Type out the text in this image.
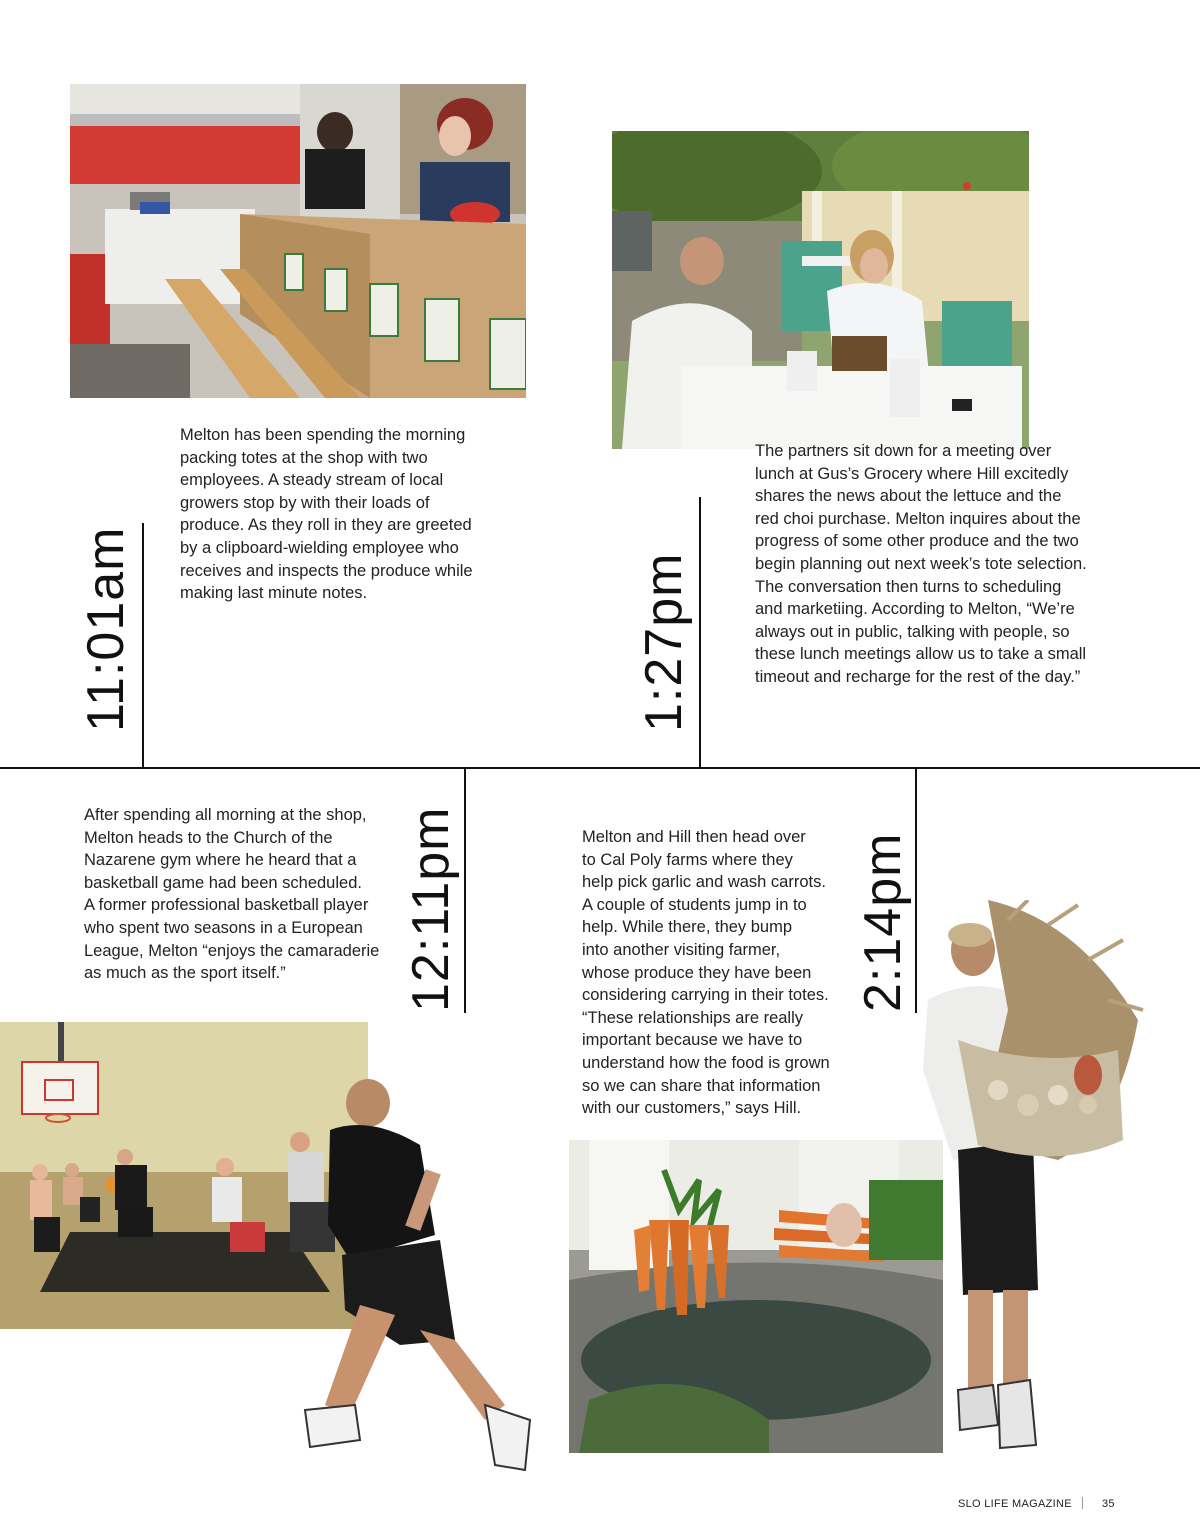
11:01am	1:27pm
12:11pm	2:14pm
Melton has been spending the morning
packing totes at the shop with two
employees. A steady stream of local
growers stop by with their loads of
produce. As they roll in they are greeted
by a clipboard-wielding employee who
receives and inspects the produce while
making last minute notes.
The partners sit down for a meeting over
lunch at Gus’s Grocery where Hill excitedly
shares the news about the lettuce and the
red choi purchase. Melton inquires about the
progress of some other produce and the two
begin planning out next week’s tote selection.
The conversation then turns to scheduling
and marketiing. According to Melton, “We’re
always out in public, talking with people, so
these lunch meetings allow us to take a small
timeout and recharge for the rest of the day.”
After spending all morning at the shop,
Melton heads to the Church of the
Nazarene gym where he heard that a
basketball game had been scheduled.
A former professional basketball player
who spent two seasons in a European
League, Melton “enjoys the camaraderie
as much as the sport itself.”
Melton and Hill then head over
to Cal Poly farms where they
help pick garlic and wash carrots.
A couple of students jump in to
help. While there, they bump
into another visiting farmer,
whose produce they have been
considering carrying in their totes.
“These relationships are really
important because we have to
understand how the food is grown
so we can share that information
with our customers,” says Hill.
SLO LIFE MAGAZINE	35
